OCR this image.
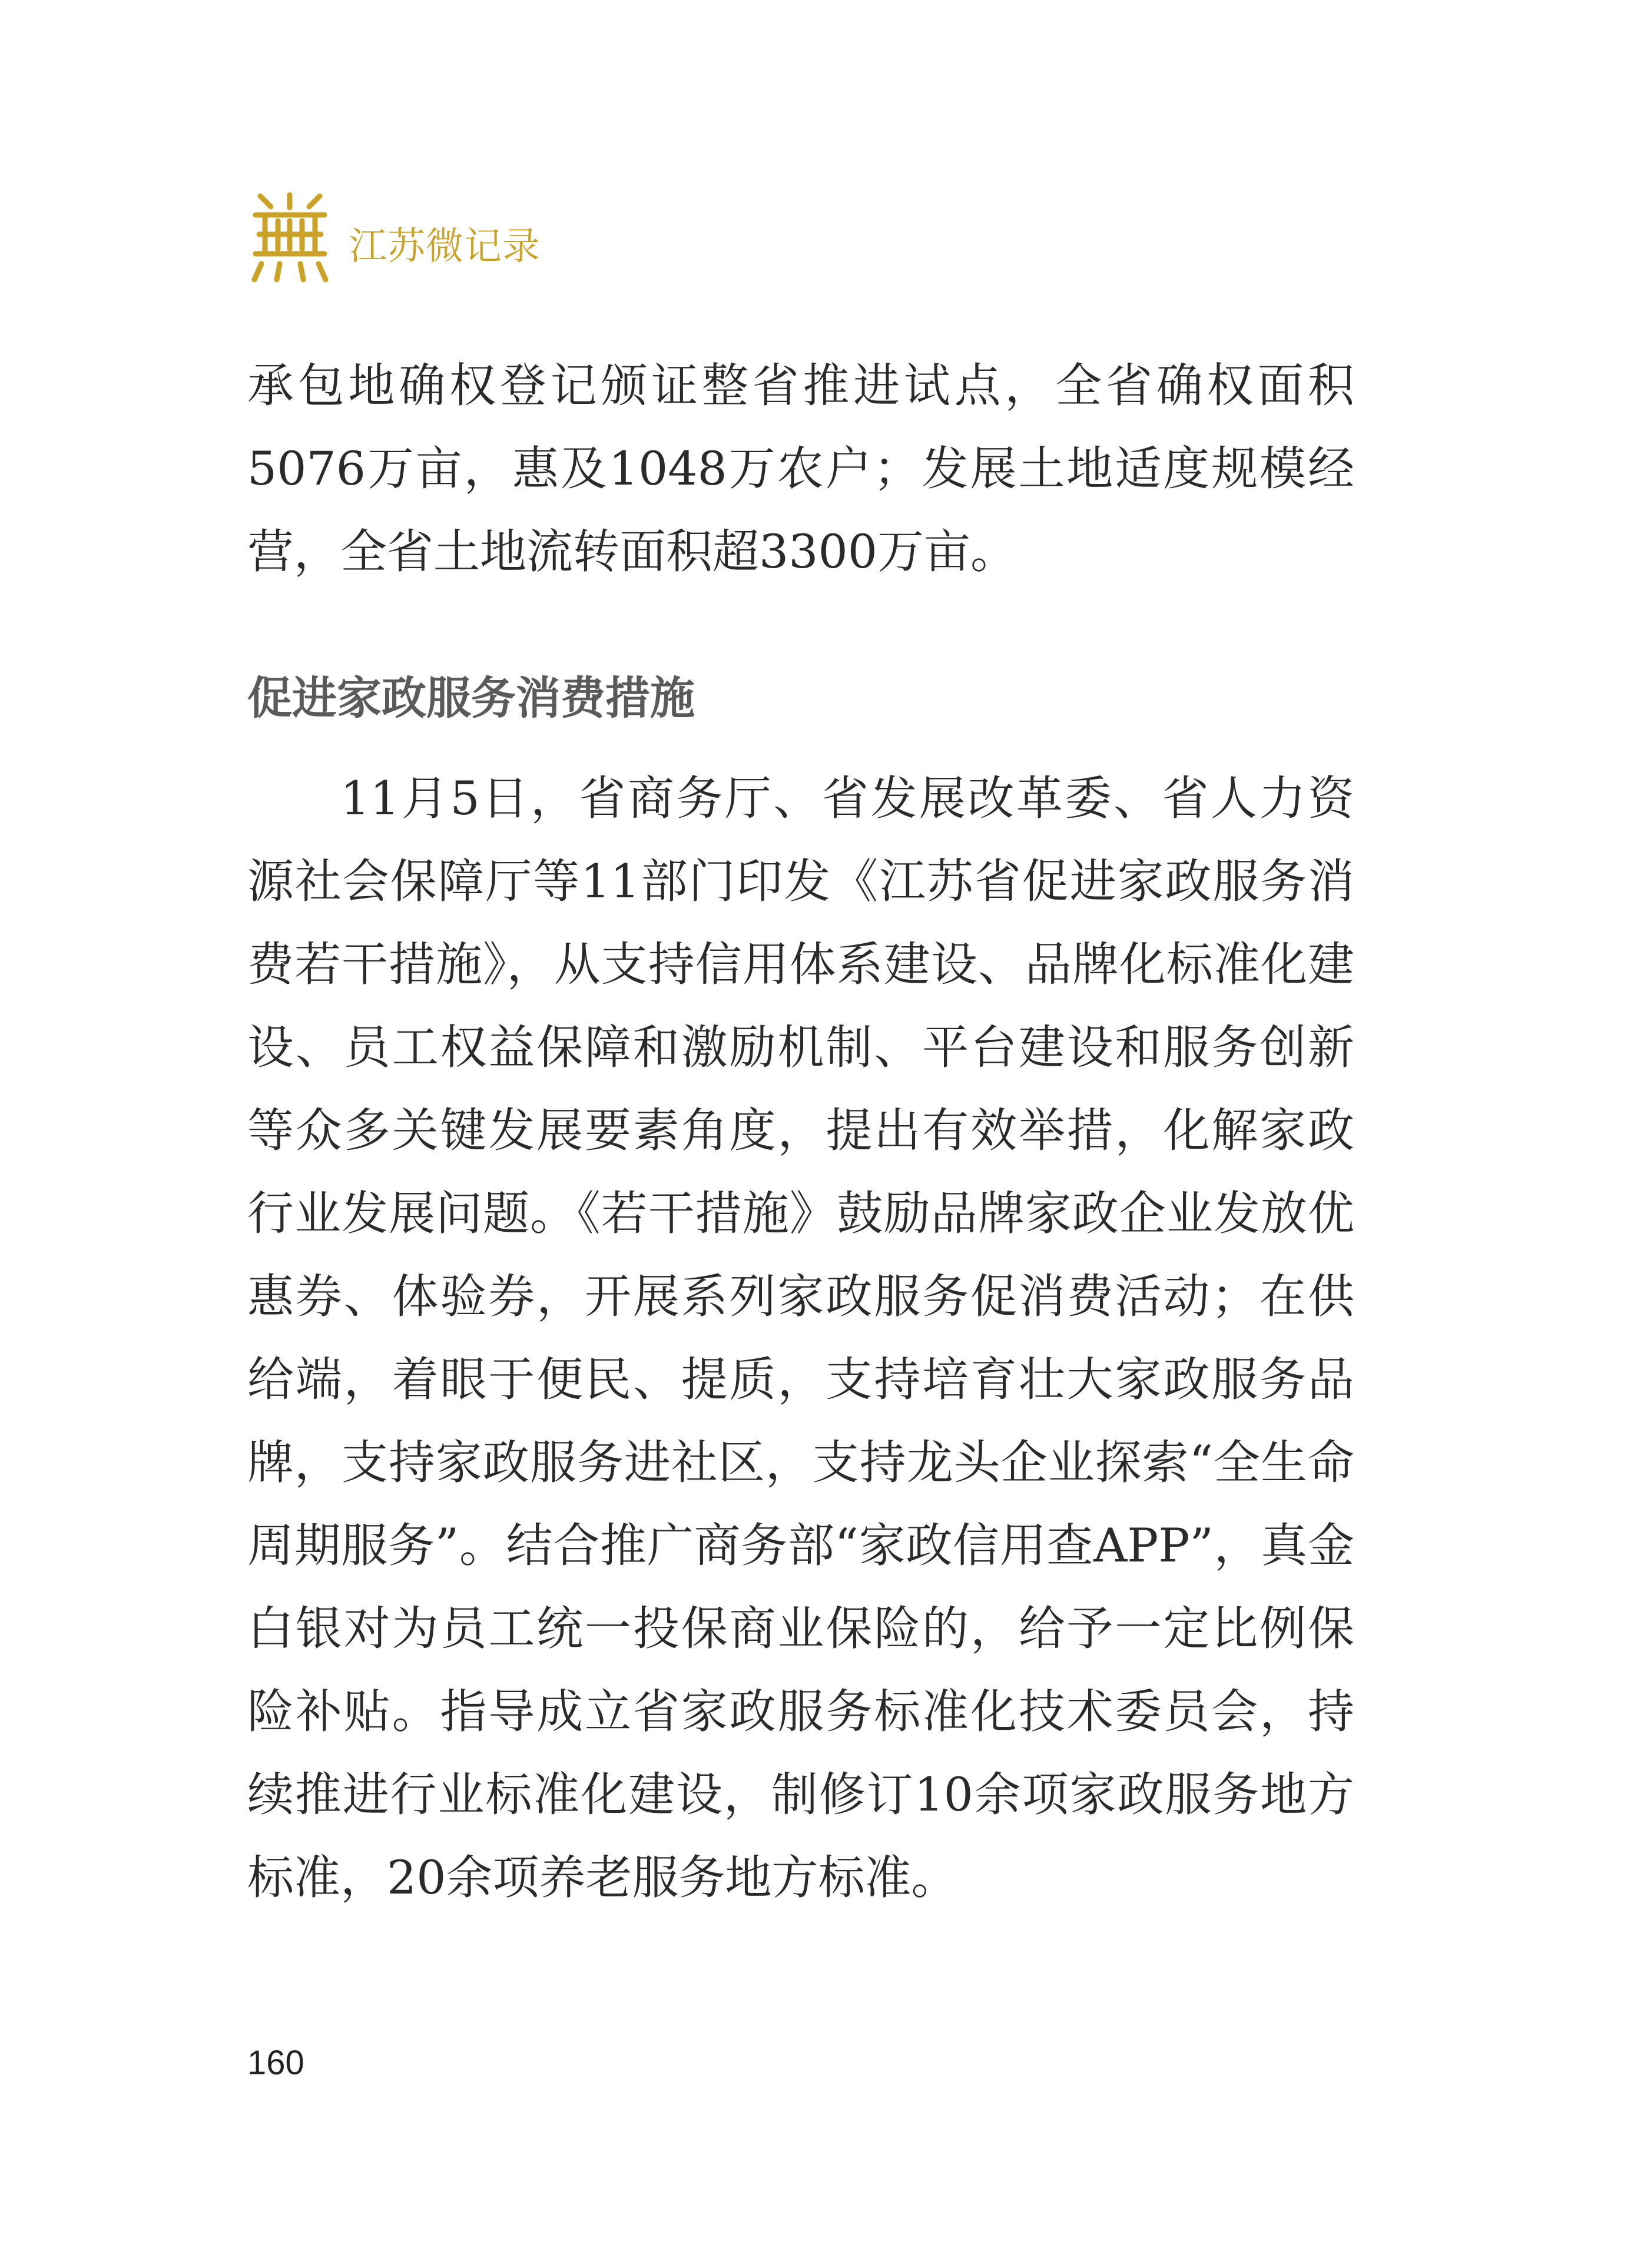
江苏微记录

承包地确权登记颁证整省推进试点，全省确权面积5076万亩，惠及1048万农户；发展土地适度规模经营，全省土地流转面积超3300万亩。

促进家政服务消费措施

11月5日，省商务厅、省发展改革委、省人力资源社会保障厅等11部门印发《江苏省促进家政服务消费若干措施》，从支持信用体系建设、品牌化标准化建设、员工权益保障和激励机制、平台建设和服务创新等众多关键发展要素角度，提出有效举措，化解家政行业发展问题。《若干措施》鼓励品牌家政企业发放优惠券、体验券，开展系列家政服务促消费活动；在供给端，着眼于便民、提质，支持培育壮大家政服务品牌，支持家政服务进社区，支持龙头企业探索“全生命周期服务”。结合推广商务部“家政信用查APP”，真金白银对为员工统一投保商业保险的，给予一定比例保险补贴。指导成立省家政服务标准化技术委员会，持续推进行业标准化建设，制修订10余项家政服务地方标准，20余项养老服务地方标准。

160
